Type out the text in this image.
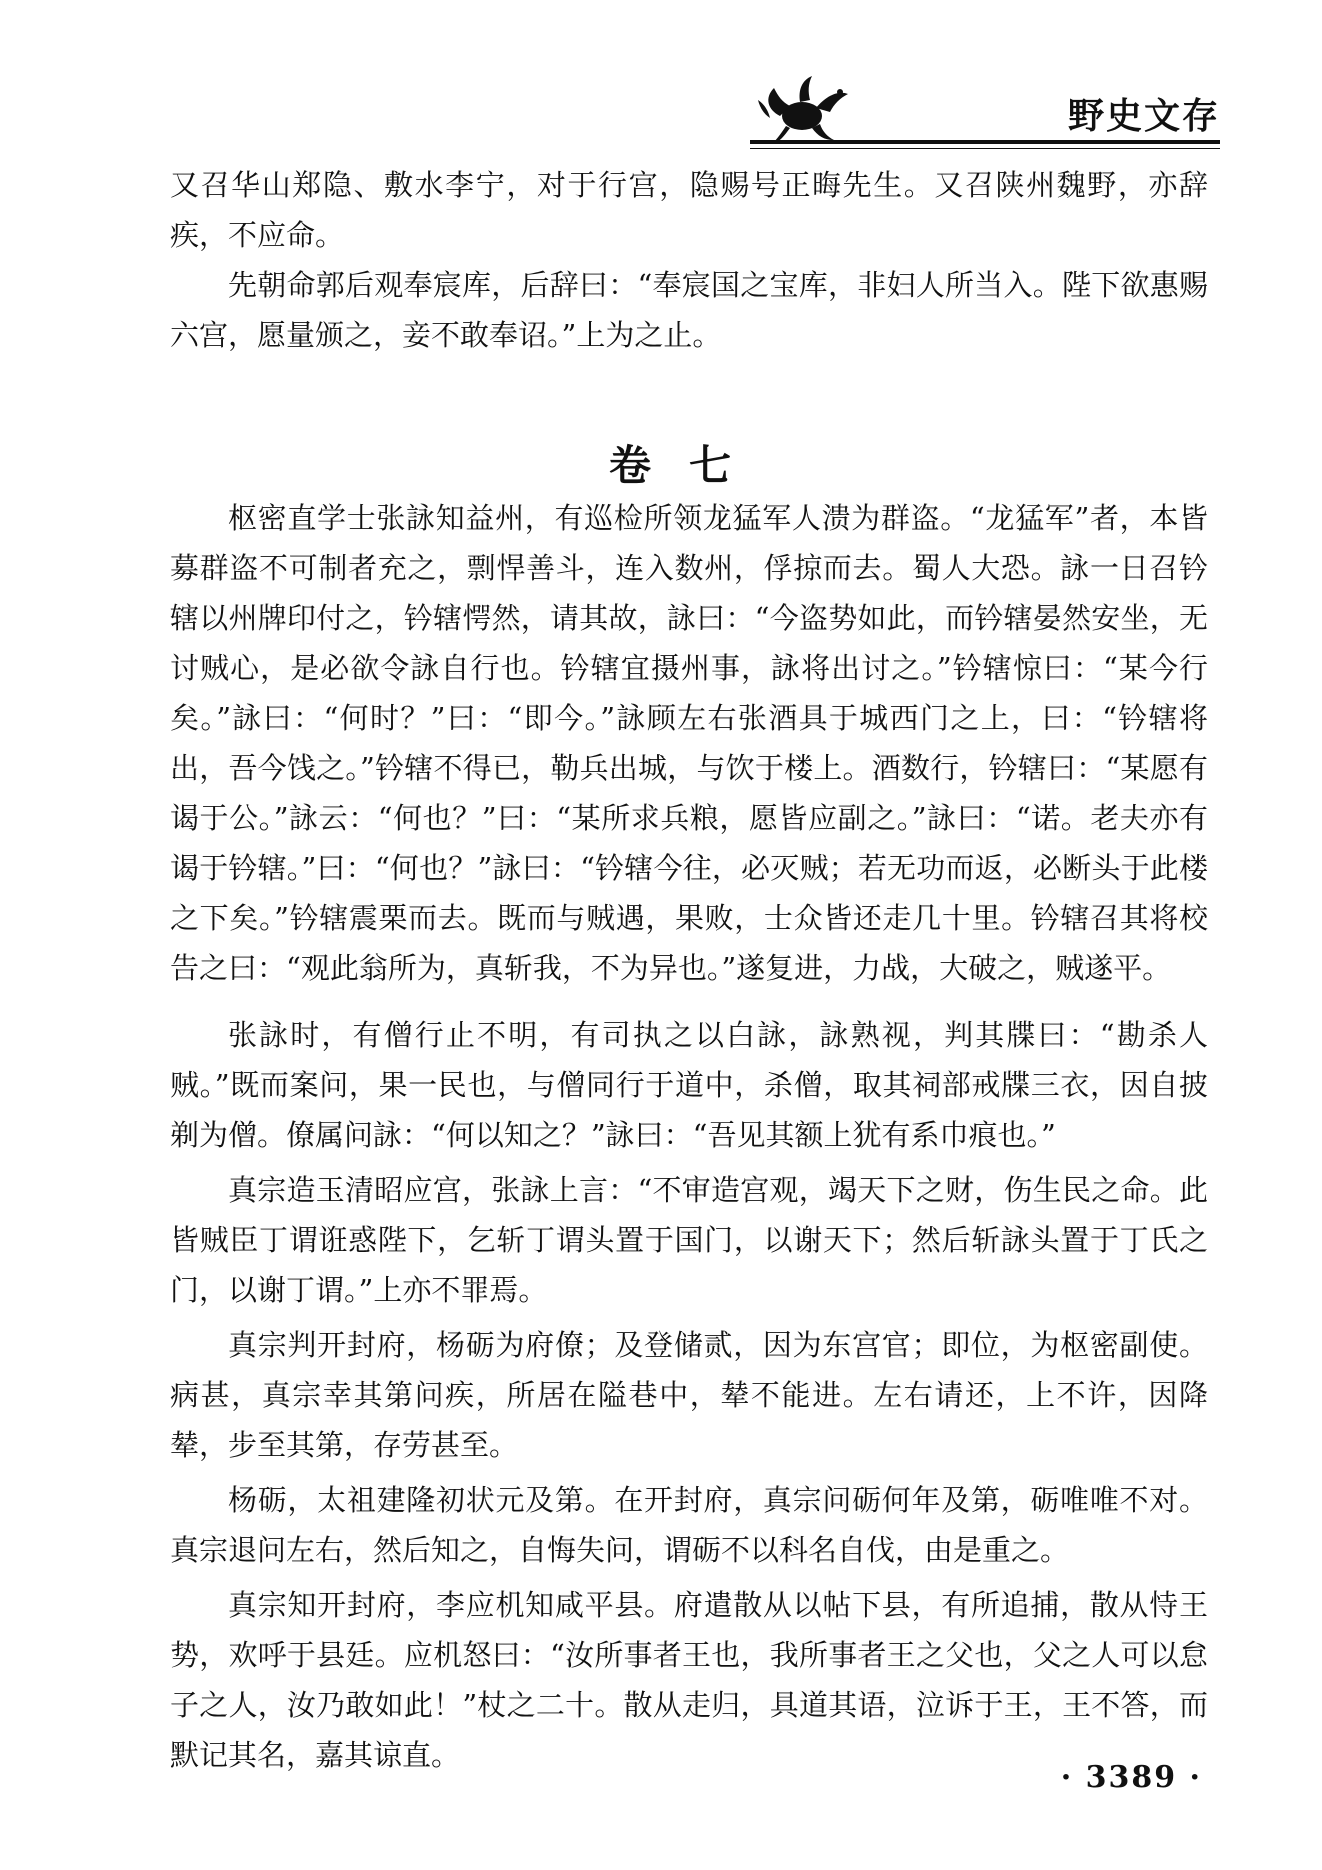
野史文存

又召华山郑隐、敷水李宁，对于行宫，隐赐号正晦先生。又召陕州魏野，亦辞疾，不应命。

先朝命郭后观奉宸库，后辞曰：“奉宸国之宝库，非妇人所当入。陛下欲惠赐六宫，愿量颁之，妾不敢奉诏。”上为之止。

枢密直学士张詠知益州，有巡检所领龙猛军人溃为群盗。“龙猛军”者，本皆募群盗不可制者充之，剽悍善斗，连入数州，俘掠而去。蜀人大恐。詠一日召钤辖以州牌印付之，钤辖愕然，请其故，詠曰：“今盗势如此，而钤辖晏然安坐，无讨贼心，是必欲令詠自行也。钤辖宜摄州事，詠将出讨之。”钤辖惊曰：“某今行矣。”詠曰：“何时？”曰：“即今。”詠顾左右张酒具于城西门之上，曰：“钤辖将出，吾今饯之。”钤辖不得已，勒兵出城，与饮于楼上。酒数行，钤辖曰：“某愿有谒于公。”詠云：“何也？”曰：“某所求兵粮，愿皆应副之。”詠曰：“诺。老夫亦有谒于钤辖。”曰：“何也？”詠曰：“钤辖今往，必灭贼；若无功而返，必断头于此楼之下矣。”钤辖震栗而去。既而与贼遇，果败，士众皆还走几十里。钤辖召其将校告之曰：“观此翁所为，真斩我，不为异也。”遂复进，力战，大破之，贼遂平。

张詠时，有僧行止不明，有司执之以白詠，詠熟视，判其牒曰：“勘杀人贼。”既而案问，果一民也，与僧同行于道中，杀僧，取其祠部戒牒三衣，因自披剃为僧。僚属问詠：“何以知之？”詠曰：“吾见其额上犹有系巾痕也。”

真宗造玉清昭应宫，张詠上言：“不审造宫观，竭天下之财，伤生民之命。此皆贼臣丁谓诳惑陛下，乞斩丁谓头置于国门，以谢天下；然后斩詠头置于丁氏之门，以谢丁谓。”上亦不罪焉。

真宗判开封府，杨砺为府僚；及登储贰，因为东宫官；即位，为枢密副使。病甚，真宗幸其第问疾，所居在隘巷中，辇不能进。左右请还，上不许，因降辇，步至其第，存劳甚至。

杨砺，太祖建隆初状元及第。在开封府，真宗问砺何年及第，砺唯唯不对。真宗退问左右，然后知之，自悔失问，谓砺不以科名自伐，由是重之。

真宗知开封府，李应机知咸平县。府遣散从以帖下县，有所追捕，散从恃王势，欢呼于县廷。应机怒曰：“汝所事者王也，我所事者王之父也，父之人可以怠子之人，汝乃敢如此！”杖之二十。散从走归，具道其语，泣诉于王，王不答，而默记其名，嘉其谅直。

卷七
· 3389 ·
